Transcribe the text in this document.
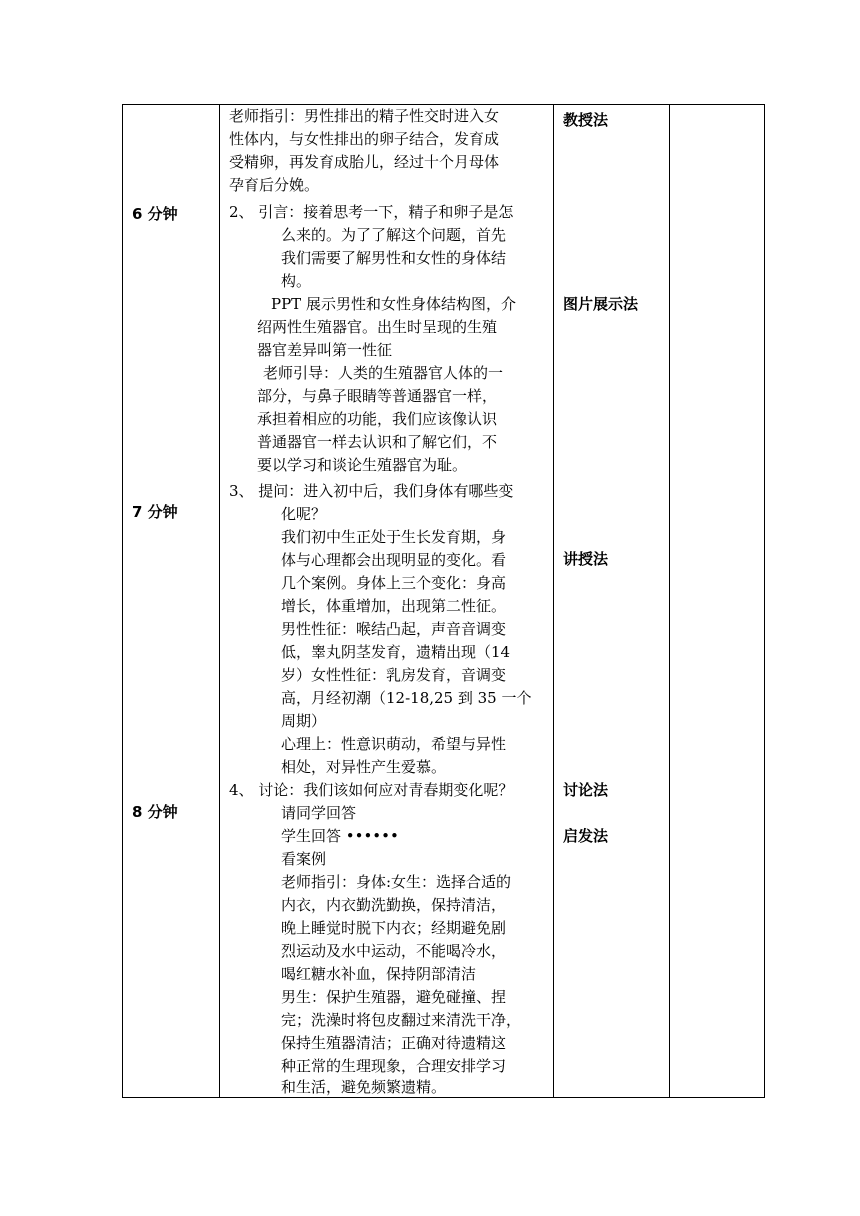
6 分钟
7 分钟
8 分钟
教授法
图片展示法
讲授法
讨论法
启发法
老师指引：男性排出的精子性交时进入女
性体内，与女性排出的卵子结合，发育成
受精卵，再发育成胎儿，经过十个月母体
孕育后分娩。
2、 引言：接着思考一下，精子和卵子是怎
么来的。为了了解这个问题，首先
我们需要了解男性和女性的身体结
构。
PPT 展示男性和女性身体结构图，介
绍两性生殖器官。出生时呈现的生殖
器官差异叫第一性征
老师引导：人类的生殖器官人体的一
部分，与鼻子眼睛等普通器官一样，
承担着相应的功能，我们应该像认识
普通器官一样去认识和了解它们，不
要以学习和谈论生殖器官为耻。
3、 提问：进入初中后，我们身体有哪些变
化呢？
我们初中生正处于生长发育期，身
体与心理都会出现明显的变化。看
几个案例。身体上三个变化：身高
增长，体重增加，出现第二性征。
男性性征：喉结凸起，声音音调变
低，睾丸阴茎发育，遗精出现（14
岁）女性性征：乳房发育，音调变
高，月经初潮（12-18,25 到 35 一个
周期）
心理上：性意识萌动，希望与异性
相处，对异性产生爱慕。
4、 讨论：我们该如何应对青春期变化呢？
请同学回答
学生回答 ••••••
看案例
老师指引：身体:女生：选择合适的
内衣，内衣勤洗勤换，保持清洁，
晚上睡觉时脱下内衣；经期避免剧
烈运动及水中运动，不能喝冷水，
喝红糖水补血，保持阴部清洁
男生：保护生殖器，避免碰撞、捏
完；洗澡时将包皮翻过来清洗干净，
保持生殖器清洁；正确对待遗精这
种正常的生理现象，合理安排学习
和生活，避免频繁遗精。
